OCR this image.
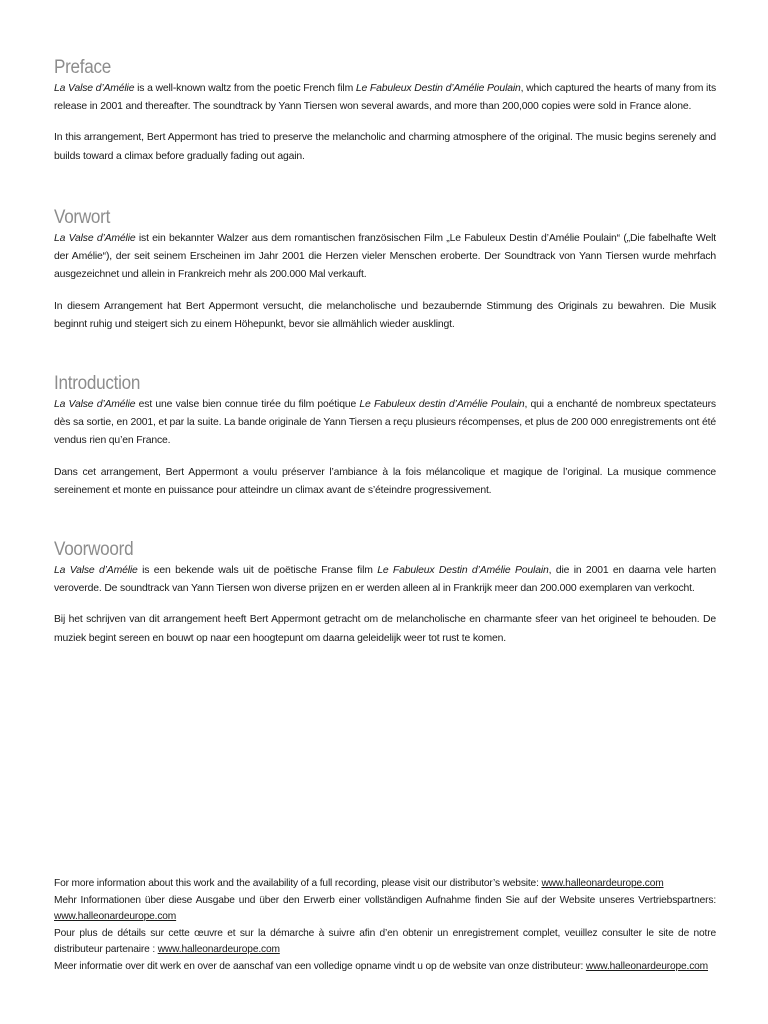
Preface

La Valse d’Amélie is a well-known waltz from the poetic French film Le Fabuleux Destin d’Amélie Poulain, which captured the hearts of many from its release in 2001 and thereafter. The soundtrack by Yann Tiersen won several awards, and more than 200,000 copies were sold in France alone.

In this arrangement, Bert Appermont has tried to preserve the melancholic and charming atmosphere of the original. The music begins serenely and builds toward a climax before gradually fading out again.

Vorwort

La Valse d’Amélie ist ein bekannter Walzer aus dem romantischen französischen Film „Le Fabuleux Destin d’Amélie Poulain“ („Die fabelhafte Welt der Amélie“), der seit seinem Erscheinen im Jahr 2001 die Herzen vieler Menschen eroberte. Der Soundtrack von Yann Tiersen wurde mehrfach ausgezeichnet und allein in Frankreich mehr als 200.000 Mal verkauft.

In diesem Arrangement hat Bert Appermont versucht, die melancholische und bezaubernde Stimmung des Originals zu bewahren. Die Musik beginnt ruhig und steigert sich zu einem Höhepunkt, bevor sie allmählich wieder ausklingt.

Introduction

La Valse d’Amélie est une valse bien connue tirée du film poétique Le Fabuleux destin d’Amélie Poulain, qui a enchanté de nombreux spectateurs dès sa sortie, en 2001, et par la suite. La bande originale de Yann Tiersen a reçu plusieurs récompenses, et plus de 200 000 enregistrements ont été vendus rien qu’en France.

Dans cet arrangement, Bert Appermont a voulu préserver l’ambiance à la fois mélancolique et magique de l’original. La musique commence sereinement et monte en puissance pour atteindre un climax avant de s’éteindre progressivement.

Voorwoord

La Valse d’Amélie is een bekende wals uit de poëtische Franse film Le Fabuleux Destin d’Amélie Poulain, die in 2001 en daarna vele harten veroverde. De soundtrack van Yann Tiersen won diverse prijzen en er werden alleen al in Frankrijk meer dan 200.000 exemplaren van verkocht.

Bij het schrijven van dit arrangement heeft Bert Appermont getracht om de melancholische en charmante sfeer van het origineel te behouden. De muziek begint sereen en bouwt op naar een hoogtepunt om daarna geleidelijk weer tot rust te komen.

For more information about this work and the availability of a full recording, please visit our distributor’s website: www.halleonardeurope.com

Mehr Informationen über diese Ausgabe und über den Erwerb einer vollständigen Aufnahme finden Sie auf der Website unseres Vertriebspartners: www.halleonardeurope.com

Pour plus de détails sur cette œuvre et sur la démarche à suivre afin d’en obtenir un enregistrement complet, veuillez consulter le site de notre distributeur partenaire : www.halleonardeurope.com

Meer informatie over dit werk en over de aanschaf van een volledige opname vindt u op de website van onze distributeur: www.halleonardeurope.com
